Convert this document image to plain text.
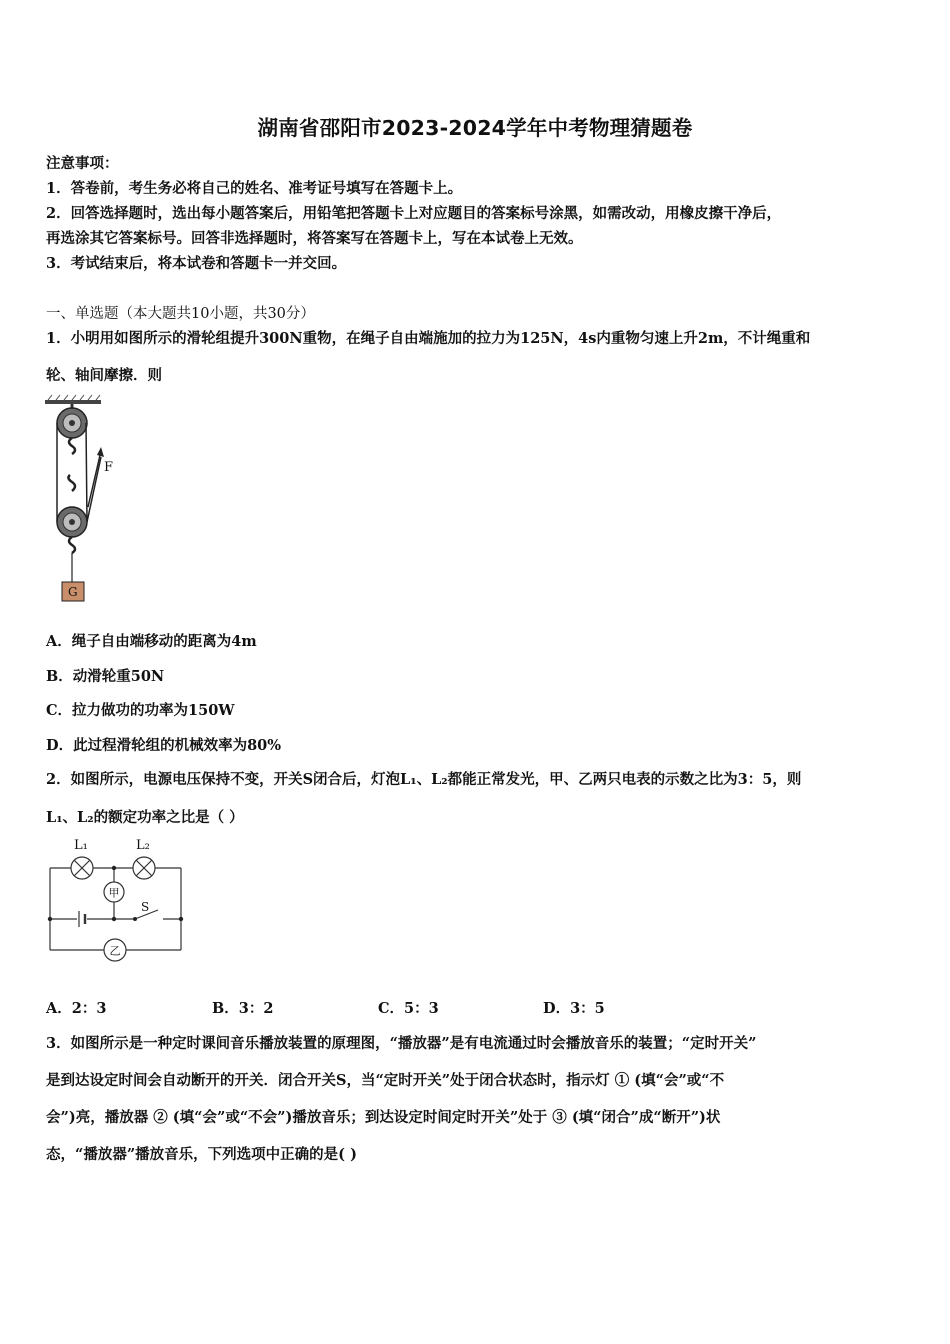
湖南省邵阳市2023-2024学年中考物理猜题卷
注意事项：
1．答卷前，考生务必将自己的姓名、准考证号填写在答题卡上。
2．回答选择题时，选出每小题答案后，用铅笔把答题卡上对应题目的答案标号涂黑，如需改动，用橡皮擦干净后，
再选涂其它答案标号。回答非选择题时，将答案写在答题卡上，写在本试卷上无效。
3．考试结束后，将本试卷和答题卡一并交回。
一、单选题（本大题共10小题，共30分）
1．小明用如图所示的滑轮组提升300N重物，在绳子自由端施加的拉力为125N，4s内重物匀速上升2m，不计绳重和
轮、轴间摩擦．则
F
G
A．绳子自由端移动的距离为4m
B．动滑轮重50N
C．拉力做功的功率为150W
D．此过程滑轮组的机械效率为80%
2．如图所示，电源电压保持不变，开关S闭合后，灯泡L₁、L₂都能正常发光，甲、乙两只电表的示数之比为3：5，则
L₁、L₂的额定功率之比是（ ）
S
L₁	L₂
甲
乙
A．2：3	B．3：2	C．5：3	D．3：5
3．如图所示是一种定时课间音乐播放装置的原理图，“播放器”是有电流通过时会播放音乐的装置；“定时开关”
是到达设定时间会自动断开的开关．闭合开关S，当“定时开关”处于闭合状态时，指示灯 ① (填“会”或“不
会”)亮，播放器 ② (填“会”或“不会”)播放音乐；到达设定时间定时开关”处于 ③ (填“闭合”成“断开”)状
态，“播放器”播放音乐，下列选项中正确的是( )
